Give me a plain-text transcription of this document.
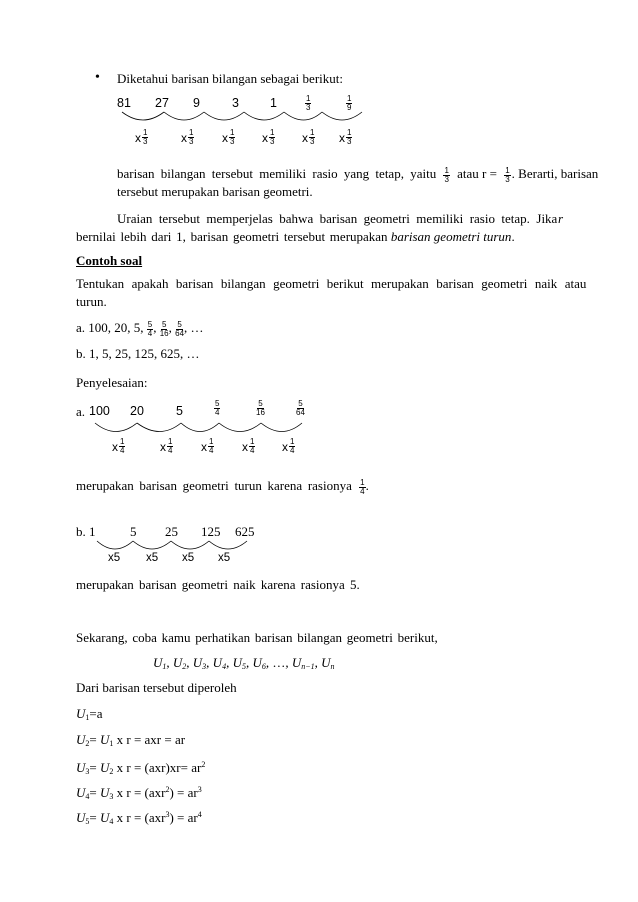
• Diketahui barisan bilangan sebagai berikut:
81 27 9	3 1	$\frac{1}{3}$	$\frac{1}{9}$
x $\frac{1}{3}$	x $\frac{1}{3}$ x $\frac{1}{3}$ x $\frac{1}{3}$ x $\frac{1}{3}$ x $\frac{1}{3}$
barisan bilangan tersebut memiliki rasio yang tetap, yaitu $\frac{1}{3}$ atau $r = \frac{1}{3}$ . Berarti, barisan
tersebut merupakan barisan geometri.
Uraian tersebut memperjelas bahwa barisan geometri memiliki rasio tetap. Jika r
bernilai lebih dari 1, barisan geometri tersebut merupakan barisan geometri turun.
Contoh soal
Tentukan apakah barisan bilangan geometri berikut merupakan barisan geometri naik atau
turun.
a. 100, 20, 5, $\frac{5}{4}$ , $\frac{5}{16}$ , $\frac{5}{64}$ , …
b. 1, 5, 25, 125, 625, …
Penyelesaian:
a. 100 20	5	$\frac{5}{4}$	$\frac{5}{16}$	$\frac{5}{64}$
x $\frac{1}{4}$	x $\frac{1}{4}$ x $\frac{1}{4}$ x $\frac{1}{4}$ x $\frac{1}{4}$
merupakan barisan geometri turun karena rasionya $\frac{1}{4}$ .
b. 1	5 25 125 625
x5 x5 x5 x5
merupakan barisan geometri naik karena rasionya 5.
Sekarang, coba kamu perhatikan barisan bilangan geometri berikut,
$U_1$, $U_2$, $U_3$, $U_4$, $U_5$, $U_6$, …, $U_{n-1}$, $U_n$
Dari barisan tersebut diperoleh
$U_1=a$
$U_2= U_1$ x r = axr = ar
$U_3= U_2$ x $r = (axr)xr= ar^2$
$U_4= U_3$ x $r = (axr^2) = ar^3$
$U_5= U_4$ x $r = (axr^3) = ar^4$
